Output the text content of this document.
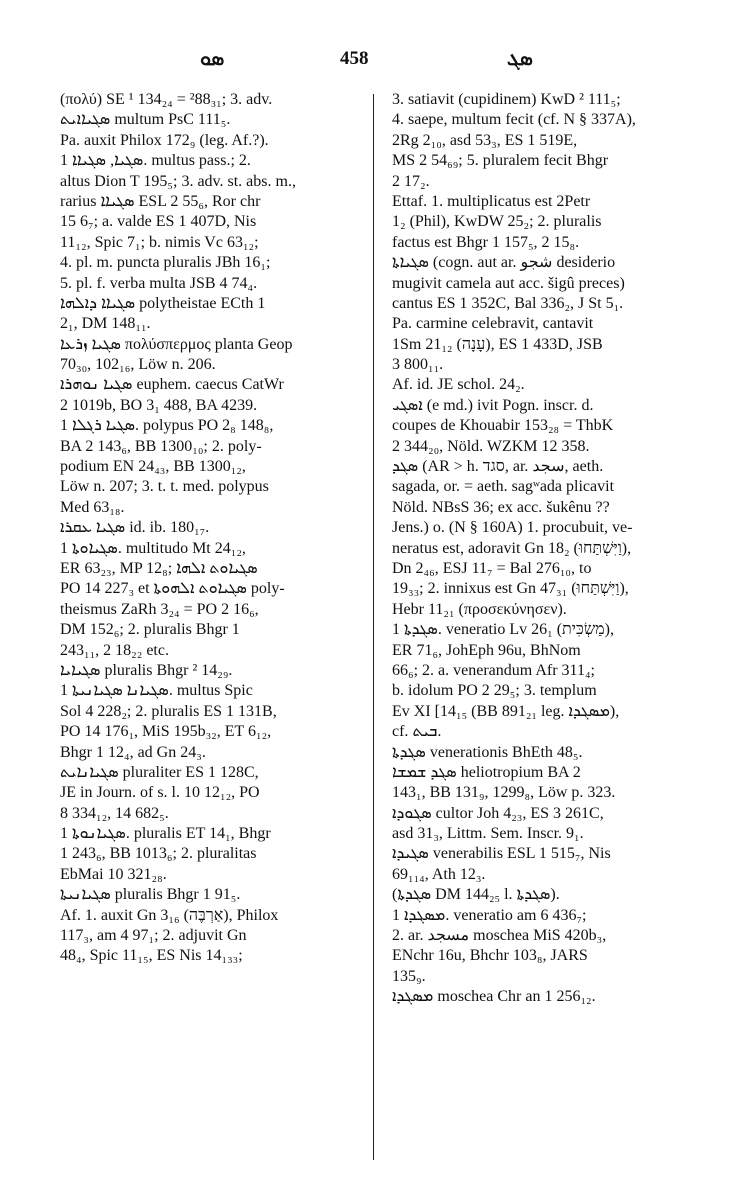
ܣܘ	458	ܣܓ
(πολύ) SE ¹ 134₂₄ = ²88₃₁; 3. adv.
ܣܓܝܐܐܝܬ multum PsC 111₅.
Pa. auxit Philox 172₉ (leg. Af.?).
ܣܓܝܐ, ܣܓܝܐܐ 1. multus pass.; 2.
altus Dion T 195₅; 3. adv. st. abs. m.,
rarius ܣܓܝܐܐ ESL 2 55₆, Ror chr
15 6₇; a. valde ES 1 407D, Nis
11₁₂, Spic 7₁; b. nimis Vc 63₁₂;
4. pl. m. puncta pluralis JBh 16₁;
5. pl. f. verba multa JSB 4 74₄.
ܣܓܝܐܐ ܕܐܠܗܐ polytheistae ECth 1
2₁, DM 148₁₁.
ܣܓܝܐ ܙܪܥܐ πολύσπερμος planta Geop
70₃₀, 102₁₆, Löw n. 206.
ܣܓܝܐ ܢܘܗܪܐ euphem. caecus CatWr
2 1019b, BO 3₁ 488, BA 4239.
ܣܓܝܐ ܪܓܠܐ 1. polypus PO 2₈ 148₈,
BA 2 143₆, BB 1300₁₀; 2. poly-
podium EN 24₄₃, BB 1300₁₂,
Löw n. 207; 3. t. t. med. polypus
Med 63₁₈.
ܣܓܝܐ ܥܩܪܐ id. ib. 180₁₇.
ܣܓܝܐܘܬܐ 1. multitudo Mt 24₁₂,
ER 63₂₃, MP 12₈; ܣܓܝܐܘܬ ܐܠܗܐ
PO 14 227₃ et ܣܓܝܐܘܬ ܐܠܗܘܬܐ poly-
theismus ZaRh 3₂₄ = PO 2 16₆,
DM 152₆; 2. pluralis Bhgr 1
243₁₁, 2 18₂₂ etc.
ܣܓܝܐܝܐ pluralis Bhgr ² 14₂₉.
ܣܓܝܐܢܐ ܣܓܝܐܢܝܬܐ 1. multus Spic
Sol 4 228₂; 2. pluralis ES 1 131B,
PO 14 176₁, MiS 195b₃₂, ET 6₁₂,
Bhgr 1 12₄, ad Gn 24₃.
ܣܓܝܐܢܐܝܬ pluraliter ES 1 128C,
JE in Journ. of s. l. 10 12₁₂, PO
8 334₁₂, 14 682₅.
ܣܓܝܐܢܘܬܐ 1. pluralis ET 14₁, Bhgr
1 243₆, BB 1013₆; 2. pluralitas
EbMai 10 321₂₈.
ܣܓܝܐܢܝܬܐ pluralis Bhgr 1 91₅.
Af. 1. auxit Gn 3₁₆ (אַרְבֶּה), Philox
117₃, am 4 97₁; 2. adjuvit Gn
48₄, Spic 11₁₅, ES Nis 14₁₃₃;
3. satiavit (cupidinem) KwD ² 111₅;
4. saepe, multum fecit (cf. N § 337A),
2Rg 2₁₀, asd 53₃, ES 1 519E,
MS 2 54₆₉; 5. pluralem fecit Bhgr
2 17₂.
Ettaf. 1. multiplicatus est 2Petr
1₂ (Phil), KwDW 25₂; 2. pluralis
factus est Bhgr 1 157₅, 2 15₈.
ܣܓܝܐܬܐ (cogn. aut ar. شجو desiderio
mugivit camela aut acc. šigû preces)
cantus ES 1 352C, Bal 336₂, J St 5₁.
Pa. carmine celebravit, cantavit
1Sm 21₁₂ (עָנָה), ES 1 433D, JSB
3 800₁₁.
Af. id. JE schol. 24₂.
ܐܣܓܝ (e md.) ivit Pogn. inscr. d.
coupes de Khouabir 153₂₈ = ThbK
2 344₂₀, Nöld. WZKM 12 358.
ܣܓܕ (AR > h. סגד, ar. سجد, aeth.
sagada, or. = aeth. sagʷada plicavit
Nöld. NBsS 36; ex acc. šukênu ??
Jens.) o. (N § 160A) 1. procubuit, ve-
neratus est, adoravit Gn 18₂ (וַיִּשְׁתַּחוּ),
Dn 2₄₆, ESJ 11₇ = Bal 276₁₀, to
19₃₃; 2. innixus est Gn 47₃₁ (וַיִּשְׁתַּחוּ),
Hebr 11₂₁ (προσεκύνησεν).
ܣܓܕܬܐ 1. veneratio Lv 26₁ (מַשְׂכִּית),
ER 71₆, JohEph 96u, BhNom
66₆; 2. a. venerandum Afr 311₄;
b. idolum PO 2 29₅; 3. templum
Ev XI [14₁₅ (BB 891₂₁ leg. ܡܣܓܕܐ),
cf. ܒܝܬ.
ܣܓܕܬܐ venerationis BhEth 48₅.
ܣܓܕ ܫܡܫܐ heliotropium BA 2
143₁, BB 131₉, 1299₈, Löw p. 323.
ܣܓܘܕܐ cultor Joh 4₂₃, ES 3 261C,
asd 31₃, Littm. Sem. Inscr. 9₁.
ܣܓܝܕܐ venerabilis ESL 1 515₇, Nis
69₁₁₄, Ath 12₃.
(ܣܓܕܬܐ DM 144₂₅ l. ܣܓܕܬܐ).
ܡܣܓܕܐ 1. veneratio am 6 436₇;
2. ar. مسجد moschea MiS 420b₃,
ENchr 16u, Bhchr 103₈, JARS
135₉.
ܡܣܓܕܐ moschea Chr an 1 256₁₂.
